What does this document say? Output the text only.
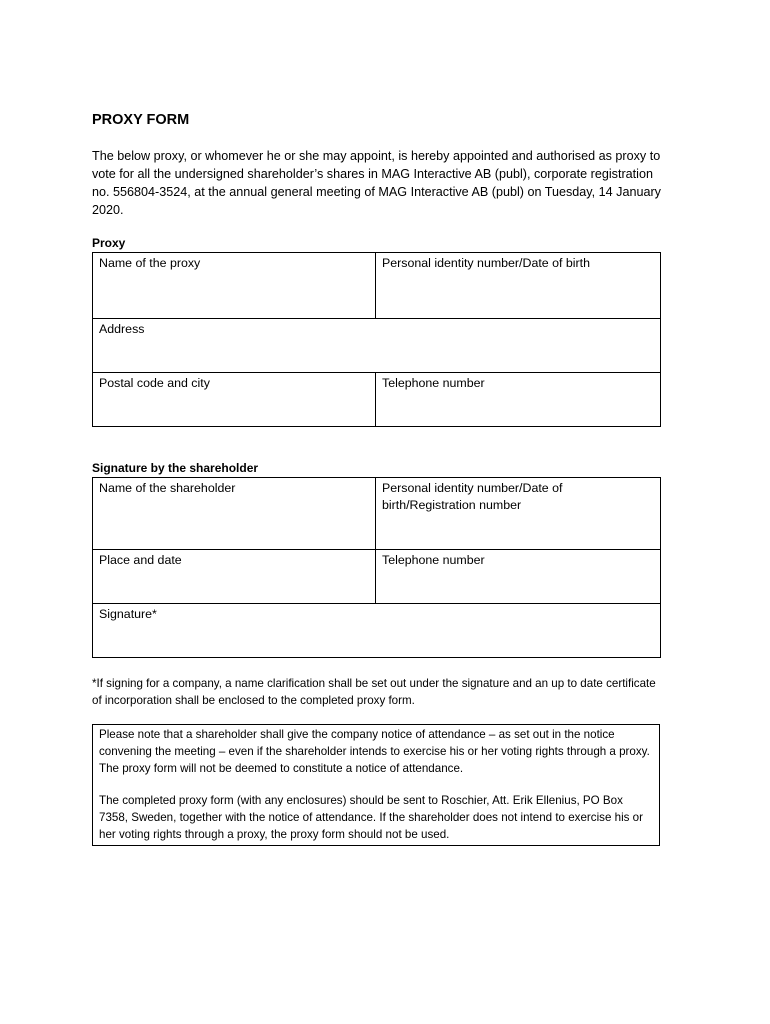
PROXY FORM

The below proxy, or whomever he or she may appoint, is hereby appointed and authorised as proxy to vote for all the undersigned shareholder’s shares in MAG Interactive AB (publ), corporate registration no. 556804-3524, at the annual general meeting of MAG Interactive AB (publ) on Tuesday, 14 January 2020.

Proxy

Name of the proxy	Personal identity number/Date of birth
Address	
Postal code and city	Telephone number

Signature by the shareholder

Name of the shareholder	Personal identity number/Date of birth/Registration number
Place and date	Telephone number
Signature*	

*If signing for a company, a name clarification shall be set out under the signature and an up to date certificate of incorporation shall be enclosed to the completed proxy form.

Please note that a shareholder shall give the company notice of attendance – as set out in the notice convening the meeting – even if the shareholder intends to exercise his or her voting rights through a proxy. The proxy form will not be deemed to constitute a notice of attendance.

The completed proxy form (with any enclosures) should be sent to Roschier, Att. Erik Ellenius, PO Box 7358, Sweden, together with the notice of attendance. If the shareholder does not intend to exercise his or her voting rights through a proxy, the proxy form should not be used.
